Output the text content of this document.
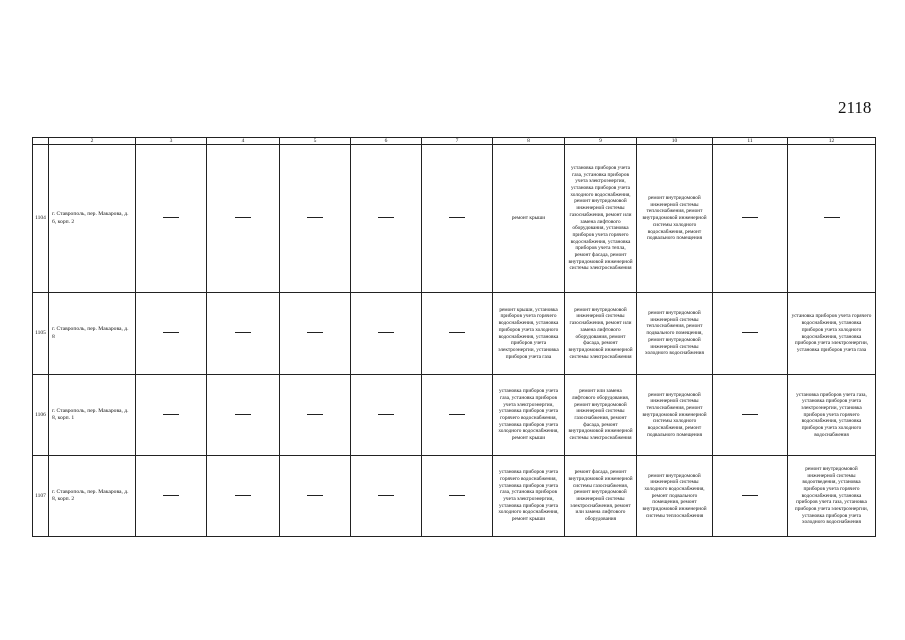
2118
	2	3	4	5	6	7	8	9	10	11	12
1104	г. Ставрополь, пер. Макарова, д. 6, корп. 2						ремонт крыши	установка приборов учета газа, установка приборов учета электроэнергии, установка приборов учета холодного водоснабжения, ремонт внутридомовой инженерной системы газоснабжения, ремонт или замена лифтового оборудования, установка приборов учета горячего водоснабжения, установка приборов учета тепла, ремонт фасада, ремонт внутридомовой инженерной системы электроснабжения	ремонт внутридомовой инженерной системы теплоснабжения, ремонт внутридомовой инженерной системы холодного водоснабжения, ремонт подвального помещения		
1105	г. Ставрополь, пер. Макарова, д. 8						ремонт крыши, установка приборов учета горячего водоснабжения, установка приборов учета холодного водоснабжения, установка приборов учета электроэнергии, установка приборов учета газа	ремонт внутридомовой инженерной системы газоснабжения, ремонт или замена лифтового оборудования, ремонт фасада, ремонт внутридомовой инженерной системы электроснабжения	ремонт внутридомовой инженерной системы теплоснабжения, ремонт подвального помещения, ремонт внутридомовой инженерной системы холодного водоснабжения		установка приборов учета горячего водоснабжения, установка приборов учета холодного водоснабжения, установка приборов учета электроэнергии, установка приборов учета газа
1106	г. Ставрополь, пер. Макарова, д. 8, корп. 1						установка приборов учета газа, установка приборов учета электроэнергии, установка приборов учета горячего водоснабжения, установка приборов учета холодного водоснабжения, ремонт крыши	ремонт или замена лифтового оборудования, ремонт внутридомовой инженерной системы газоснабжения, ремонт фасада, ремонт внутридомовой инженерной системы электроснабжения	ремонт внутридомовой инженерной системы теплоснабжения, ремонт внутридомовой инженерной системы холодного водоснабжения, ремонт подвального помещения		установка приборов учета газа, установка приборов учета электроэнергии, установка приборов учета горячего водоснабжения, установка приборов учета холодного водоснабжения
1107	г. Ставрополь, пер. Макарова, д. 8, корп. 2						установка приборов учета горячего водоснабжения, установка приборов учета газа, установка приборов учета электроэнергии, установка приборов учета холодного водоснабжения, ремонт крыши	ремонт фасада, ремонт внутридомовой инженерной системы газоснабжения, ремонт внутридомовой инженерной системы электроснабжения, ремонт или замена лифтового оборудования	ремонт внутридомовой инженерной системы холодного водоснабжения, ремонт подвального помещения, ремонт внутридомовой инженерной системы теплоснабжения		ремонт внутридомовой инженерной системы водоотведения, установка приборов учета горячего водоснабжения, установка приборов учета газа, установка приборов учета электроэнергии, установка приборов учета холодного водоснабжения
